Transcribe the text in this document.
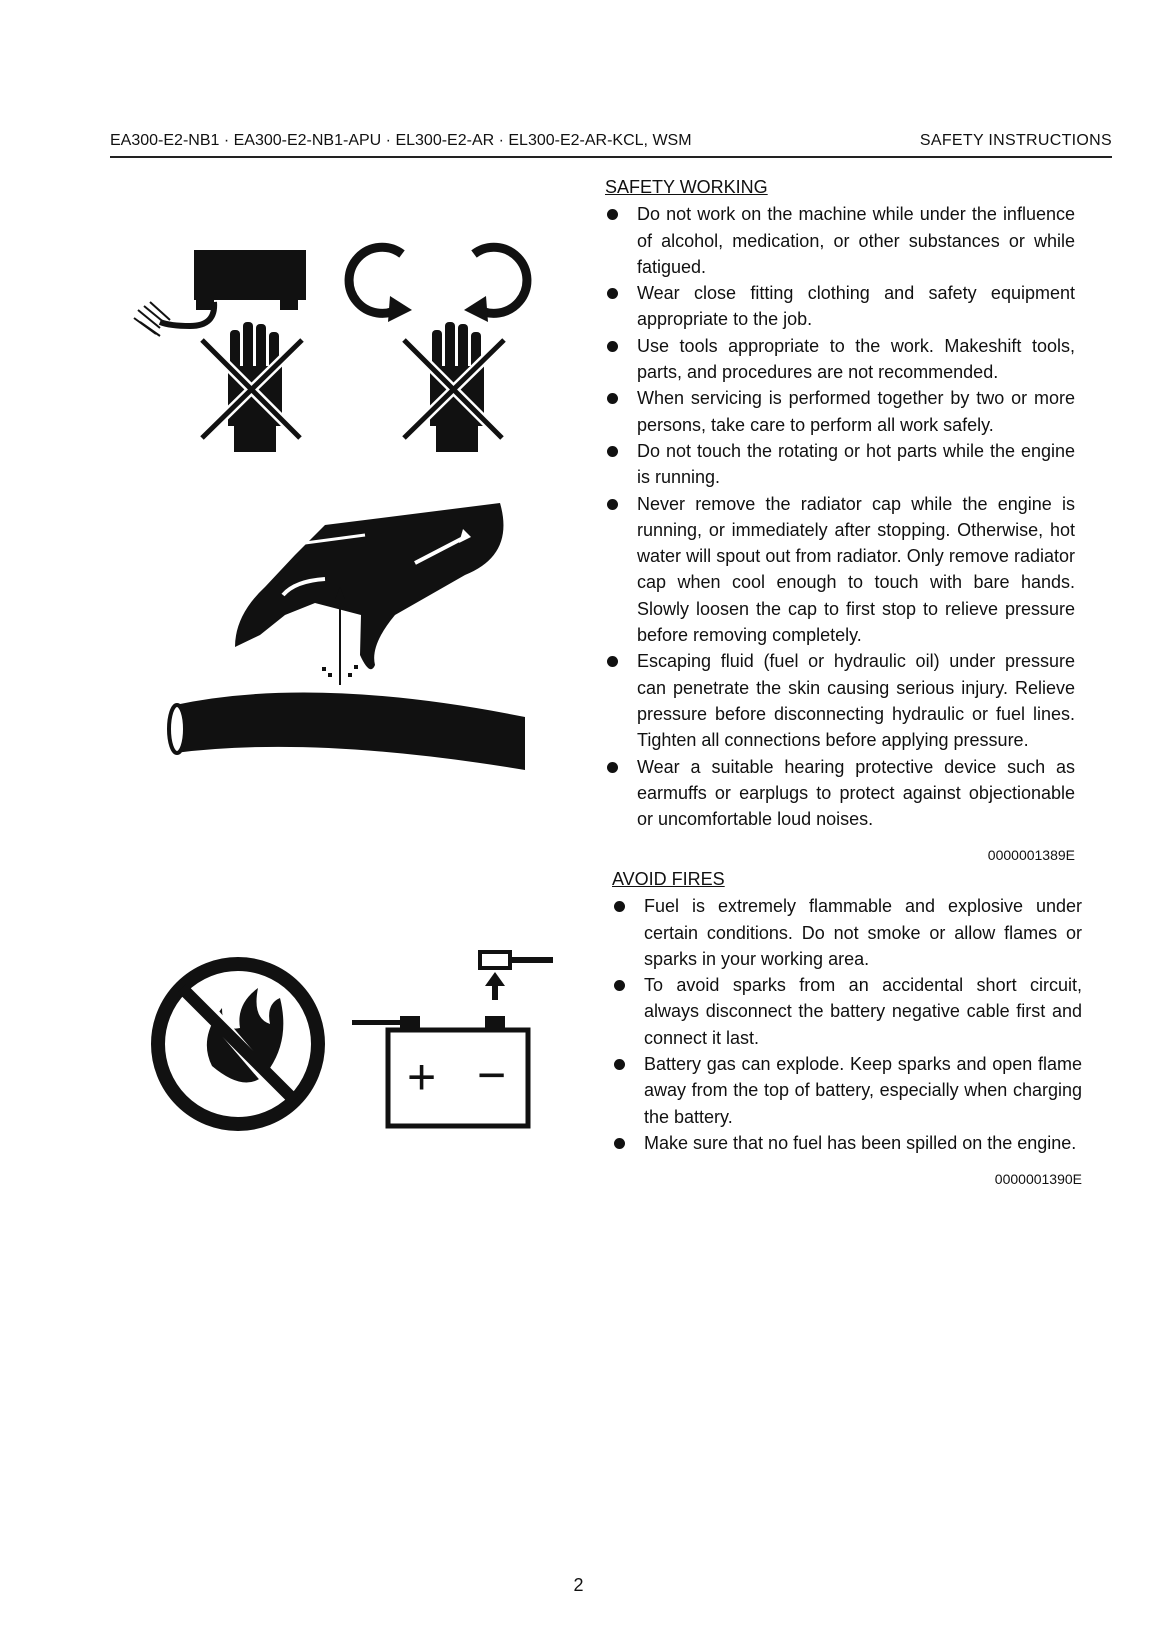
EA300-E2-NB1 · EA300-E2-NB1-APU · EL300-E2-AR · EL300-E2-AR-KCL, WSM	SAFETY INSTRUCTIONS
+ −
SAFETY WORKING
Do not work on the machine while under the influence of alcohol, medication, or other substances or while fatigued.
Wear close fitting clothing and safety equipment appropriate to the job.
Use tools appropriate to the work. Makeshift tools, parts, and procedures are not recommended.
When servicing is performed together by two or more persons, take care to perform all work safely.
Do not touch the rotating or hot parts while the engine is running.
Never remove the radiator cap while the engine is running, or immediately after stopping. Otherwise, hot water will spout out from radiator. Only remove radiator cap when cool enough to touch with bare hands. Slowly loosen the cap to first stop to relieve pressure before removing completely.
Escaping fluid (fuel or hydraulic oil) under pressure can penetrate the skin causing serious injury. Relieve pressure before disconnecting hydraulic or fuel lines. Tighten all connections before applying pressure.
Wear a suitable hearing protective device such as earmuffs or earplugs to protect against objectionable or uncomfortable loud noises.
0000001389E
AVOID FIRES
Fuel is extremely flammable and explosive under certain conditions. Do not smoke or allow flames or sparks in your working area.
To avoid sparks from an accidental short circuit, always disconnect the battery negative cable first and connect it last.
Battery gas can explode. Keep sparks and open flame away from the top of battery, especially when charging the battery.
Make sure that no fuel has been spilled on the engine.
0000001390E
2
